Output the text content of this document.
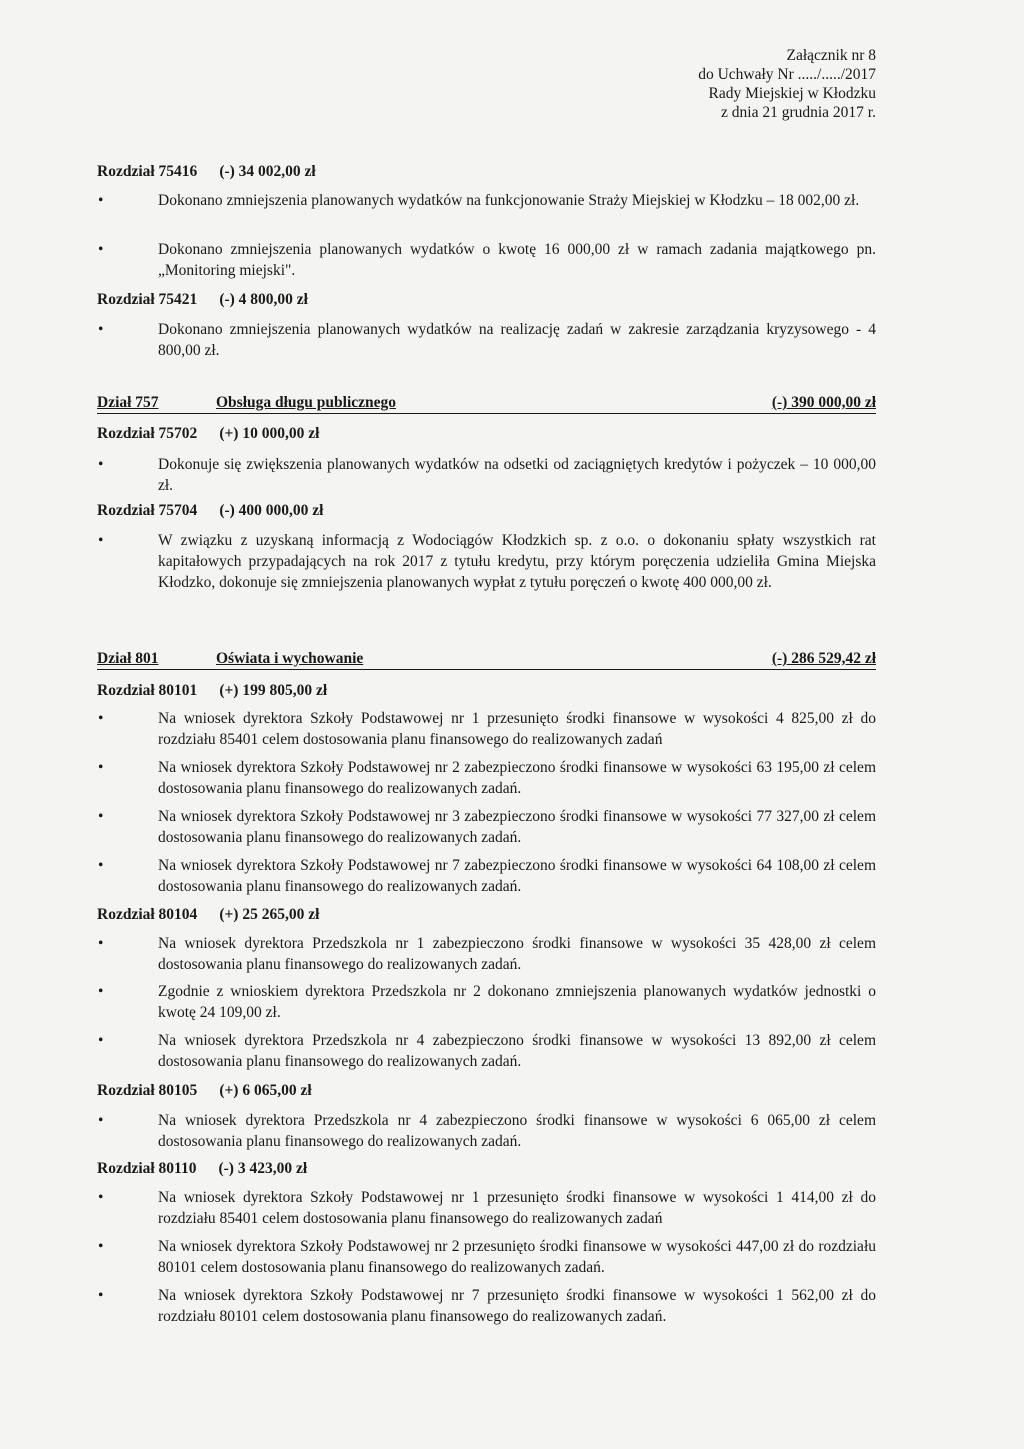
Załącznik nr 8
do Uchwały Nr ...../...../2017
Rady Miejskiej w Kłodzku
z dnia 21 grudnia 2017 r.
Rozdział 75416 (-) 34 002,00 zł

• Dokonano zmniejszenia planowanych wydatków na funkcjonowanie Straży Miejskiej w Kłodzku – 18 002,00 zł.

• Dokonano zmniejszenia planowanych wydatków o kwotę 16 000,00 zł w ramach zadania majątkowego pn. „Monitoring miejski".

Rozdział 75421 (-) 4 800,00 zł

• Dokonano zmniejszenia planowanych wydatków na realizację zadań w zakresie zarządzania kryzysowego - 4 800,00 zł.

Dział 757	Obsługa długu publicznego	(-) 390 000,00 zł
Rozdział 75702 (+) 10 000,00 zł

• Dokonuje się zwiększenia planowanych wydatków na odsetki od zaciągniętych kredytów i pożyczek – 10 000,00 zł.

Rozdział 75704 (-) 400 000,00 zł

• W związku z uzyskaną informacją z Wodociągów Kłodzkich sp. z o.o. o dokonaniu spłaty wszystkich rat kapitałowych przypadających na rok 2017 z tytułu kredytu, przy którym poręczenia udzieliła Gmina Miejska Kłodzko, dokonuje się zmniejszenia planowanych wypłat z tytułu poręczeń o kwotę 400 000,00 zł.

Dział 801	Oświata i wychowanie	(-) 286 529,42 zł
Rozdział 80101 (+) 199 805,00 zł

• Na wniosek dyrektora Szkoły Podstawowej nr 1 przesunięto środki finansowe w wysokości 4 825,00 zł do rozdziału 85401 celem dostosowania planu finansowego do realizowanych zadań

• Na wniosek dyrektora Szkoły Podstawowej nr 2 zabezpieczono środki finansowe w wysokości 63 195,00 zł celem dostosowania planu finansowego do realizowanych zadań.

• Na wniosek dyrektora Szkoły Podstawowej nr 3 zabezpieczono środki finansowe w wysokości 77 327,00 zł celem dostosowania planu finansowego do realizowanych zadań.

• Na wniosek dyrektora Szkoły Podstawowej nr 7 zabezpieczono środki finansowe w wysokości 64 108,00 zł celem dostosowania planu finansowego do realizowanych zadań.

Rozdział 80104 (+) 25 265,00 zł

• Na wniosek dyrektora Przedszkola nr 1 zabezpieczono środki finansowe w wysokości 35 428,00 zł celem dostosowania planu finansowego do realizowanych zadań.

• Zgodnie z wnioskiem dyrektora Przedszkola nr 2 dokonano zmniejszenia planowanych wydatków jednostki o kwotę 24 109,00 zł.

• Na wniosek dyrektora Przedszkola nr 4 zabezpieczono środki finansowe w wysokości 13 892,00 zł celem dostosowania planu finansowego do realizowanych zadań.

Rozdział 80105 (+) 6 065,00 zł

• Na wniosek dyrektora Przedszkola nr 4 zabezpieczono środki finansowe w wysokości 6 065,00 zł celem dostosowania planu finansowego do realizowanych zadań.

Rozdział 80110 (-) 3 423,00 zł

• Na wniosek dyrektora Szkoły Podstawowej nr 1 przesunięto środki finansowe w wysokości 1 414,00 zł do rozdziału 85401 celem dostosowania planu finansowego do realizowanych zadań

• Na wniosek dyrektora Szkoły Podstawowej nr 2 przesunięto środki finansowe w wysokości 447,00 zł do rozdziału 80101 celem dostosowania planu finansowego do realizowanych zadań.

• Na wniosek dyrektora Szkoły Podstawowej nr 7 przesunięto środki finansowe w wysokości 1 562,00 zł do rozdziału 80101 celem dostosowania planu finansowego do realizowanych zadań.
